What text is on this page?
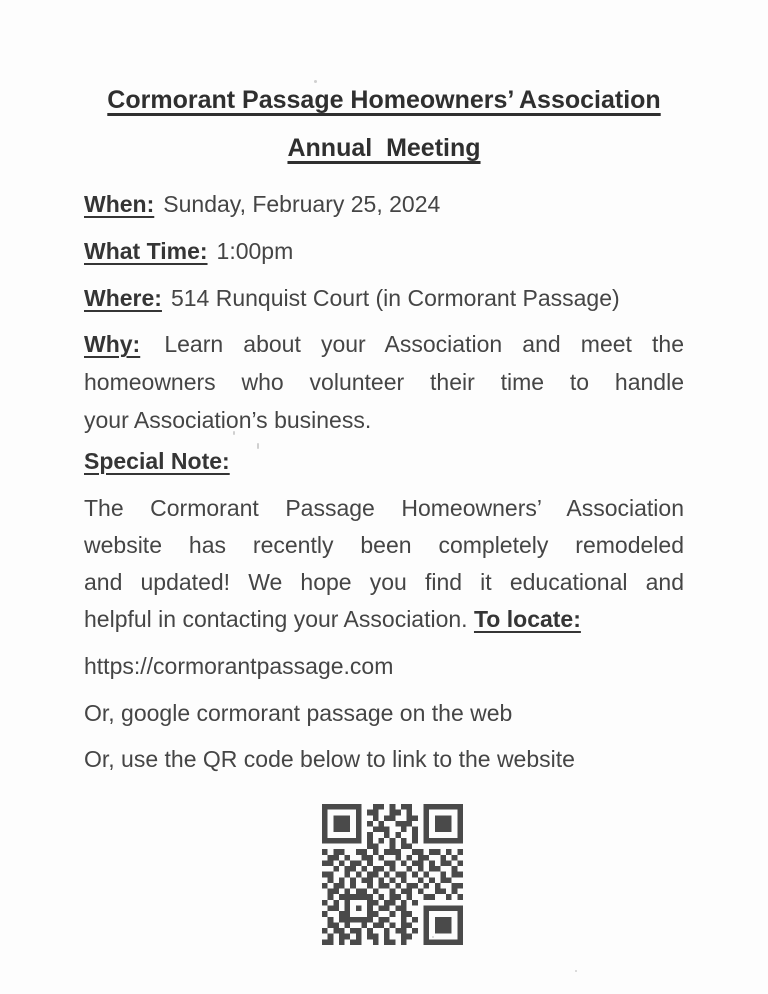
Cormorant Passage Homeowners’ Association
Annual  Meeting

When: Sunday, February 25, 2024

What Time: 1:00pm

Where: 514 Runquist Court (in Cormorant Passage)

Why: Learn about your Association and meet the
homeowners who volunteer their time to handle
your Association’s business.

Special Note:

The Cormorant Passage Homeowners’ Association
website has recently been completely remodeled
and updated! We hope you find it educational and
helpful in contacting your Association. To locate:

https://cormorantpassage.com

Or, google cormorant passage on the web

Or, use the QR code below to link to the website
